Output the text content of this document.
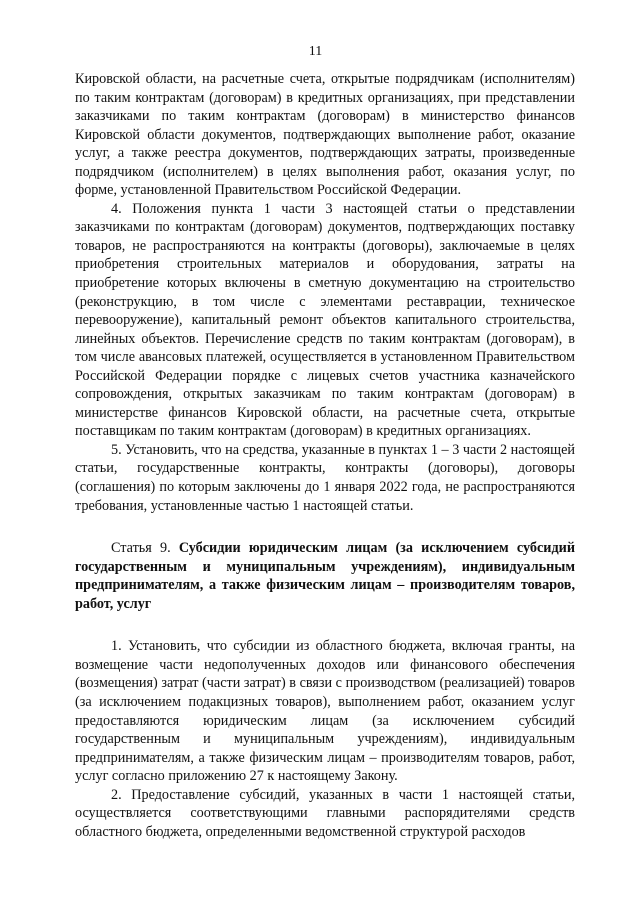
11

Кировской области, на расчетные счета, открытые подрядчикам (исполнителям) по таким контрактам (договорам) в кредитных организациях, при представлении заказчиками по таким контрактам (договорам) в министерство финансов Кировской области документов, подтверждающих выполнение работ, оказание услуг, а также реестра документов, подтверждающих затраты, произведенные подрядчиком (исполнителем) в целях выполнения работ, оказания услуг, по форме, установленной Правительством Российской Федерации.

4. Положения пункта 1 части 3 настоящей статьи о представлении заказчиками по контрактам (договорам) документов, подтверждающих поставку товаров, не распространяются на контракты (договоры), заключаемые в целях приобретения строительных материалов и оборудования, затраты на приобретение которых включены в сметную документацию на строительство (реконструкцию, в том числе с элементами реставрации, техническое перевооружение), капитальный ремонт объектов капитального строительства, линейных объектов. Перечисление средств по таким контрактам (договорам), в том числе авансовых платежей, осуществляется в установленном Правительством Российской Федерации порядке с лицевых счетов участника казначейского сопровождения, открытых заказчикам по таким контрактам (договорам) в министерстве финансов Кировской области, на расчетные счета, открытые поставщикам по таким контрактам (договорам) в кредитных организациях.

5. Установить, что на средства, указанные в пунктах 1 – 3 части 2 настоящей статьи, государственные контракты, контракты (договоры), договоры (соглашения) по которым заключены до 1 января 2022 года, не распространяются требования, установленные частью 1 настоящей статьи.

Статья 9. Субсидии юридическим лицам (за исключением субсидий государственным и муниципальным учреждениям), индивидуальным предпринимателям, а также физическим лицам – производителям товаров, работ, услуг

1. Установить, что субсидии из областного бюджета, включая гранты, на возмещение части недополученных доходов или финансового обеспечения (возмещения) затрат (части затрат) в связи с производством (реализацией) товаров (за исключением подакцизных товаров), выполнением работ, оказанием услуг предоставляются юридическим лицам (за исключением субсидий государственным и муниципальным учреждениям), индивидуальным предпринимателям, а также физическим лицам – производителям товаров, работ, услуг согласно приложению 27 к настоящему Закону.

2. Предоставление субсидий, указанных в части 1 настоящей статьи, осуществляется соответствующими главными распорядителями средств областного бюджета, определенными ведомственной структурой расходов
